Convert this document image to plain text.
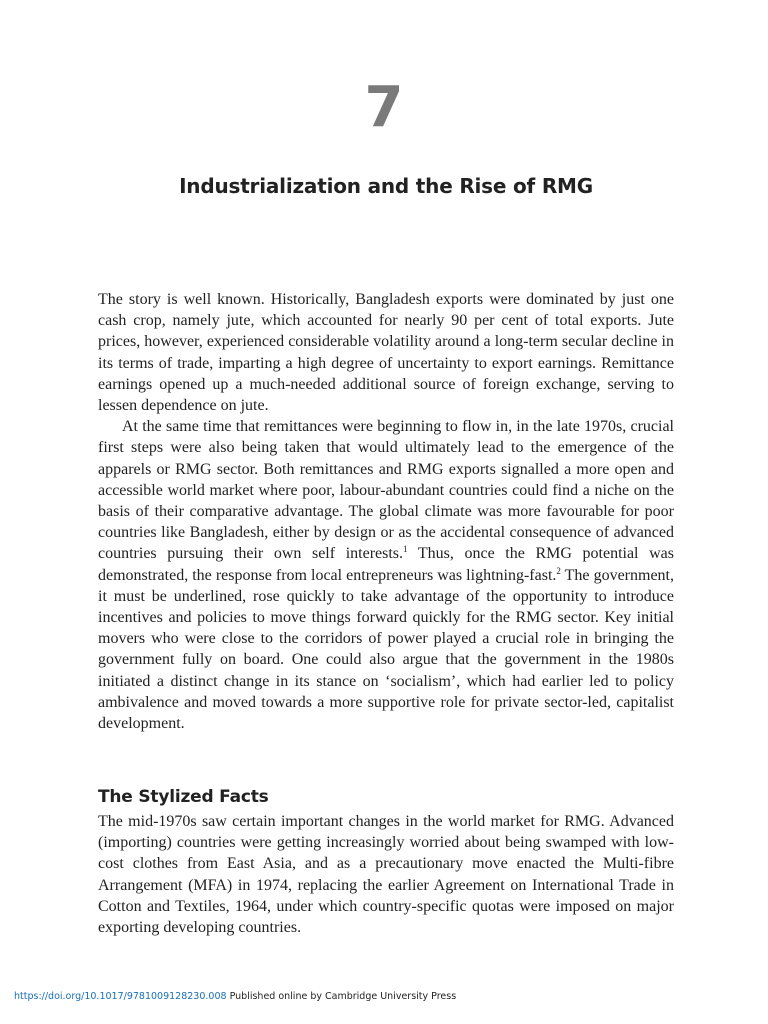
7
Industrialization and the Rise of RMG

The story is well known. Historically, Bangladesh exports were dominated by just one cash crop, namely jute, which accounted for nearly 90 per cent of total exports. Jute prices, however, experienced considerable volatility around a long-term secular decline in its terms of trade, imparting a high degree of uncertainty to export earnings. Remittance earnings opened up a much-needed additional source of foreign exchange, serving to lessen dependence on jute.

At the same time that remittances were beginning to flow in, in the late 1970s, crucial first steps were also being taken that would ultimately lead to the emergence of the apparels or RMG sector. Both remittances and RMG exports signalled a more open and accessible world market where poor, labour-abundant countries could find a niche on the basis of their comparative advantage. The global climate was more favourable for poor countries like Bangladesh, either by design or as the accidental consequence of advanced countries pursuing their own self interests.$^1$ Thus, once the RMG potential was demonstrated, the response from local entrepreneurs was lightning-fast.$^2$ The government, it must be underlined, rose quickly to take advantage of the opportunity to introduce incentives and policies to move things forward quickly for the RMG sector. Key initial movers who were close to the corridors of power played a crucial role in bringing the government fully on board. One could also argue that the government in the 1980s initiated a distinct change in its stance on ‘socialism’, which had earlier led to policy ambivalence and moved towards a more supportive role for private sector-led, capitalist development.

The Stylized Facts

The mid-1970s saw certain important changes in the world market for RMG. Advanced (importing) countries were getting increasingly worried about being swamped with low-cost clothes from East Asia, and as a precautionary move enacted the Multi-fibre Arrangement (MFA) in 1974, replacing the earlier Agreement on International Trade in Cotton and Textiles, 1964, under which country-specific quotas were imposed on major exporting developing countries.

https://doi.org/10.1017/9781009128230.008 Published online by Cambridge University Press
